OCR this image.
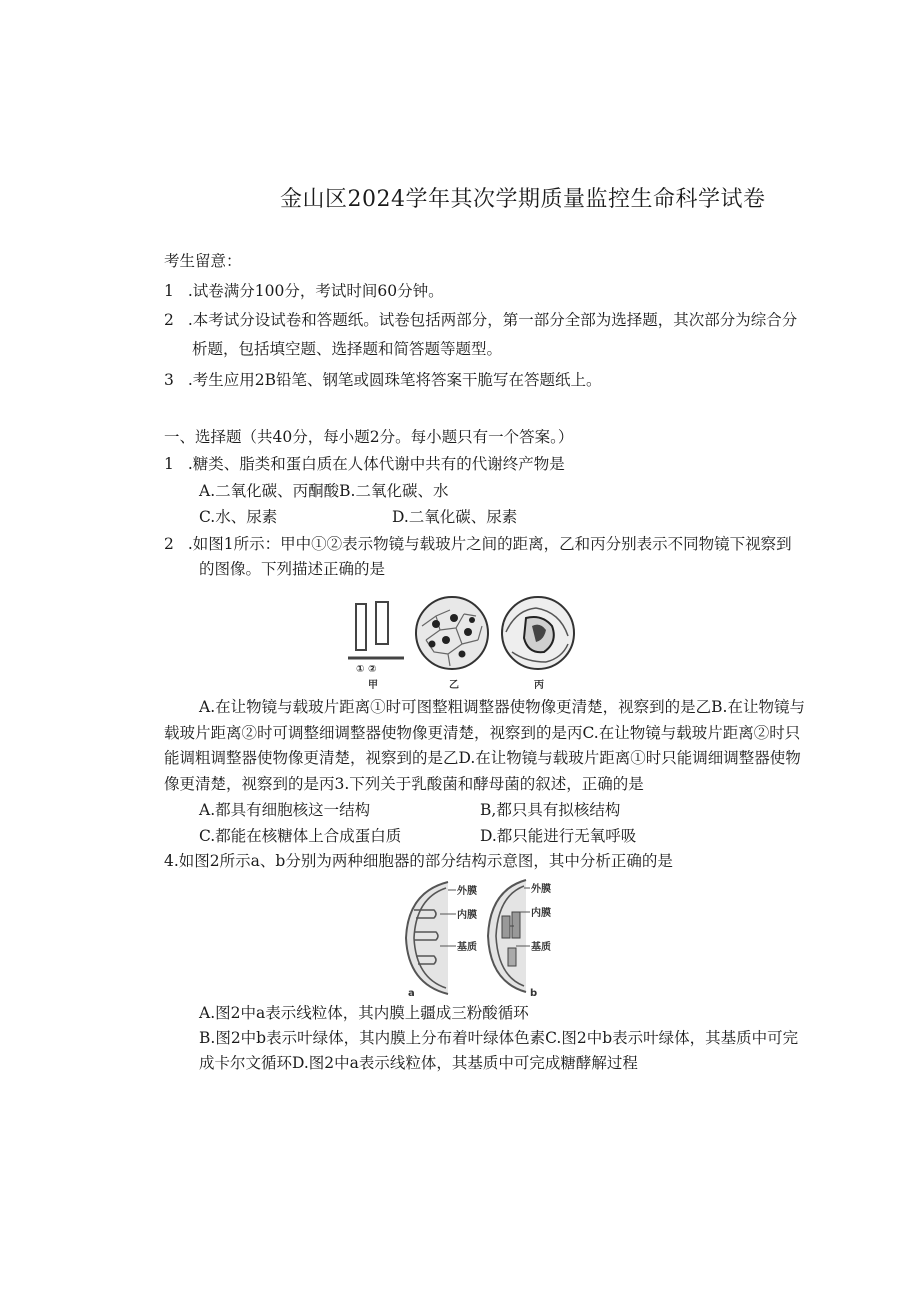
金山区2024学年其次学期质量监控生命科学试卷
考生留意：
1 .试卷满分100分，考试时间60分钟。
2 .本考试分设试卷和答题纸。试卷包括两部分，第一部分全部为选择题，其次部分为综合分
析题，包括填空题、选择题和简答题等题型。
3 .考生应用2B铅笔、钢笔或圆珠笔将答案干脆写在答题纸上。
一、选择题（共40分，每小题2分。每小题只有一个答案。）
1 .糖类、脂类和蛋白质在人体代谢中共有的代谢终产物是
A.二氧化碳、丙酮酸B.二氧化碳、水
C.水、尿素	D.二氧化碳、尿素
2 .如图1所示：甲中①②表示物镜与载玻片之间的距离，乙和丙分别表示不同物镜下视察到
的图像。下列描述正确的是
① ②
甲	乙	丙
A.在让物镜与载玻片距离①时可图整粗调整器使物像更清楚，视察到的是乙B.在让物镜与
载玻片距离②时可调整细调整器使物像更清楚，视察到的是丙C.在让物镜与载玻片距离②时只
能调粗调整器使物像更清楚，视察到的是乙D.在让物镜与载玻片距离①时只能调细调整器使物
像更清楚，视察到的是丙3.下列关于乳酸菌和酵母菌的叙述，正确的是
A.都具有细胞核这一结构	B,都只具有拟核结构
C.都能在核糖体上合成蛋白质	D.都只能进行无氧呼吸
4.如图2所示a、b分别为两种细胞器的部分结构示意图，其中分析正确的是
外膜
内膜
基质
a
外膜
内膜
基质
b
A.图2中a表示线粒体，其内膜上疆成三粉酸循环
B.图2中b表示叶绿体，其内膜上分布着叶绿体色素C.图2中b表示叶绿体，其基质中可完
成卡尔文循环D.图2中a表示线粒体，其基质中可完成糖酵解过程
